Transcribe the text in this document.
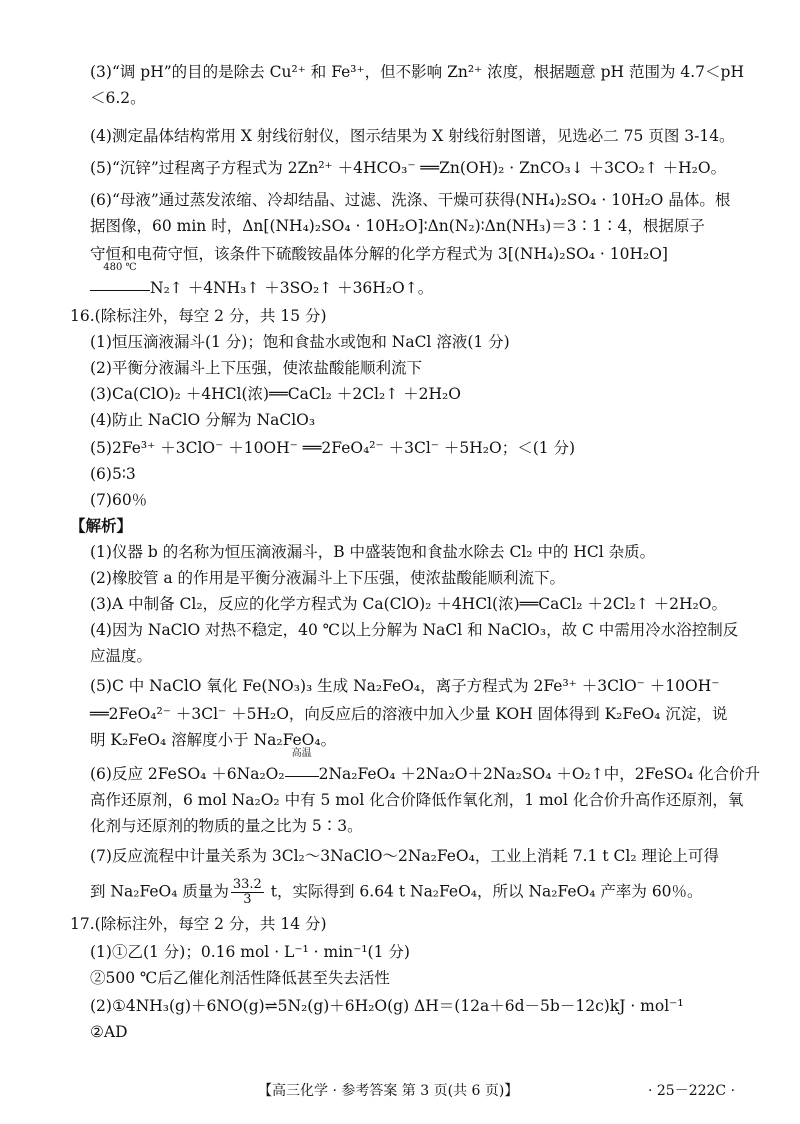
(3)“调 pH”的目的是除去 Cu²⁺ 和 Fe³⁺，但不影响 Zn²⁺ 浓度，根据题意 pH 范围为 4.7＜pH
＜6.2。
(4)测定晶体结构常用 X 射线衍射仪，图示结果为 X 射线衍射图谱，见选必二 75 页图 3-14。
(5)“沉锌”过程离子方程式为 2Zn²⁺ ＋4HCO₃⁻ ══Zn(OH)₂ · ZnCO₃↓ ＋3CO₂↑ ＋H₂O。
(6)“母液”通过蒸发浓缩、冷却结晶、过滤、洗涤、干燥可获得(NH₄)₂SO₄ · 10H₂O 晶体。根
据图像，60 min 时，Δn[(NH₄)₂SO₄ · 10H₂O]∶Δn(N₂)∶Δn(NH₃)＝3∶1∶4，根据原子
守恒和电荷守恒，该条件下硫酸铵晶体分解的化学方程式为 3[(NH₄)₂SO₄ · 10H₂O]
480 ℃
N₂↑ ＋4NH₃↑ ＋3SO₂↑ ＋36H₂O↑。
16.(除标注外，每空 2 分，共 15 分)
(1)恒压滴液漏斗(1 分)；饱和食盐水或饱和 NaCl 溶液(1 分)
(2)平衡分液漏斗上下压强，使浓盐酸能顺利流下
(3)Ca(ClO)₂ ＋4HCl(浓)══CaCl₂ ＋2Cl₂↑ ＋2H₂O
(4)防止 NaClO 分解为 NaClO₃
(5)2Fe³⁺ ＋3ClO⁻ ＋10OH⁻ ══2FeO₄²⁻ ＋3Cl⁻ ＋5H₂O；＜(1 分)
(6)5∶3
(7)60％
【解析】
(1)仪器 b 的名称为恒压滴液漏斗，B 中盛装饱和食盐水除去 Cl₂ 中的 HCl 杂质。
(2)橡胶管 a 的作用是平衡分液漏斗上下压强，使浓盐酸能顺利流下。
(3)A 中制备 Cl₂，反应的化学方程式为 Ca(ClO)₂ ＋4HCl(浓)══CaCl₂ ＋2Cl₂↑ ＋2H₂O。
(4)因为 NaClO 对热不稳定，40 ℃以上分解为 NaCl 和 NaClO₃，故 C 中需用冷水浴控制反
应温度。
(5)C 中 NaClO 氧化 Fe(NO₃)₃ 生成 Na₂FeO₄，离子方程式为 2Fe³⁺ ＋3ClO⁻ ＋10OH⁻
══2FeO₄²⁻ ＋3Cl⁻ ＋5H₂O，向反应后的溶液中加入少量 KOH 固体得到 K₂FeO₄ 沉淀，说
明 K₂FeO₄ 溶解度小于 Na₂FeO₄。
(6)反应 2FeSO₄ ＋6Na₂O₂
高温
2Na₂FeO₄ ＋2Na₂O＋2Na₂SO₄ ＋O₂↑中，2FeSO₄ 化合价升
高作还原剂，6 mol Na₂O₂ 中有 5 mol 化合价降低作氧化剂，1 mol 化合价升高作还原剂，氧
化剂与还原剂的物质的量之比为 5∶3。
(7)反应流程中计量关系为 3Cl₂～3NaClO～2Na₂FeO₄，工业上消耗 7.1 t Cl₂ 理论上可得
到 Na₂FeO₄ 质量为 $\frac{33.2}{3}$ t，实际得到 6.64 t Na₂FeO₄，所以 Na₂FeO₄ 产率为 60％。
17.(除标注外，每空 2 分，共 14 分)
(1)①乙(1 分)；0.16 mol · L⁻¹ · min⁻¹(1 分)
②500 ℃后乙催化剂活性降低甚至失去活性
(2)①4NH₃(g)＋6NO(g)⇌5N₂(g)＋6H₂O(g) ΔH＝(12a＋6d－5b－12c)kJ · mol⁻¹
②AD
【高三化学 · 参考答案 第 3 页(共 6 页)】	· 25－222C ·
